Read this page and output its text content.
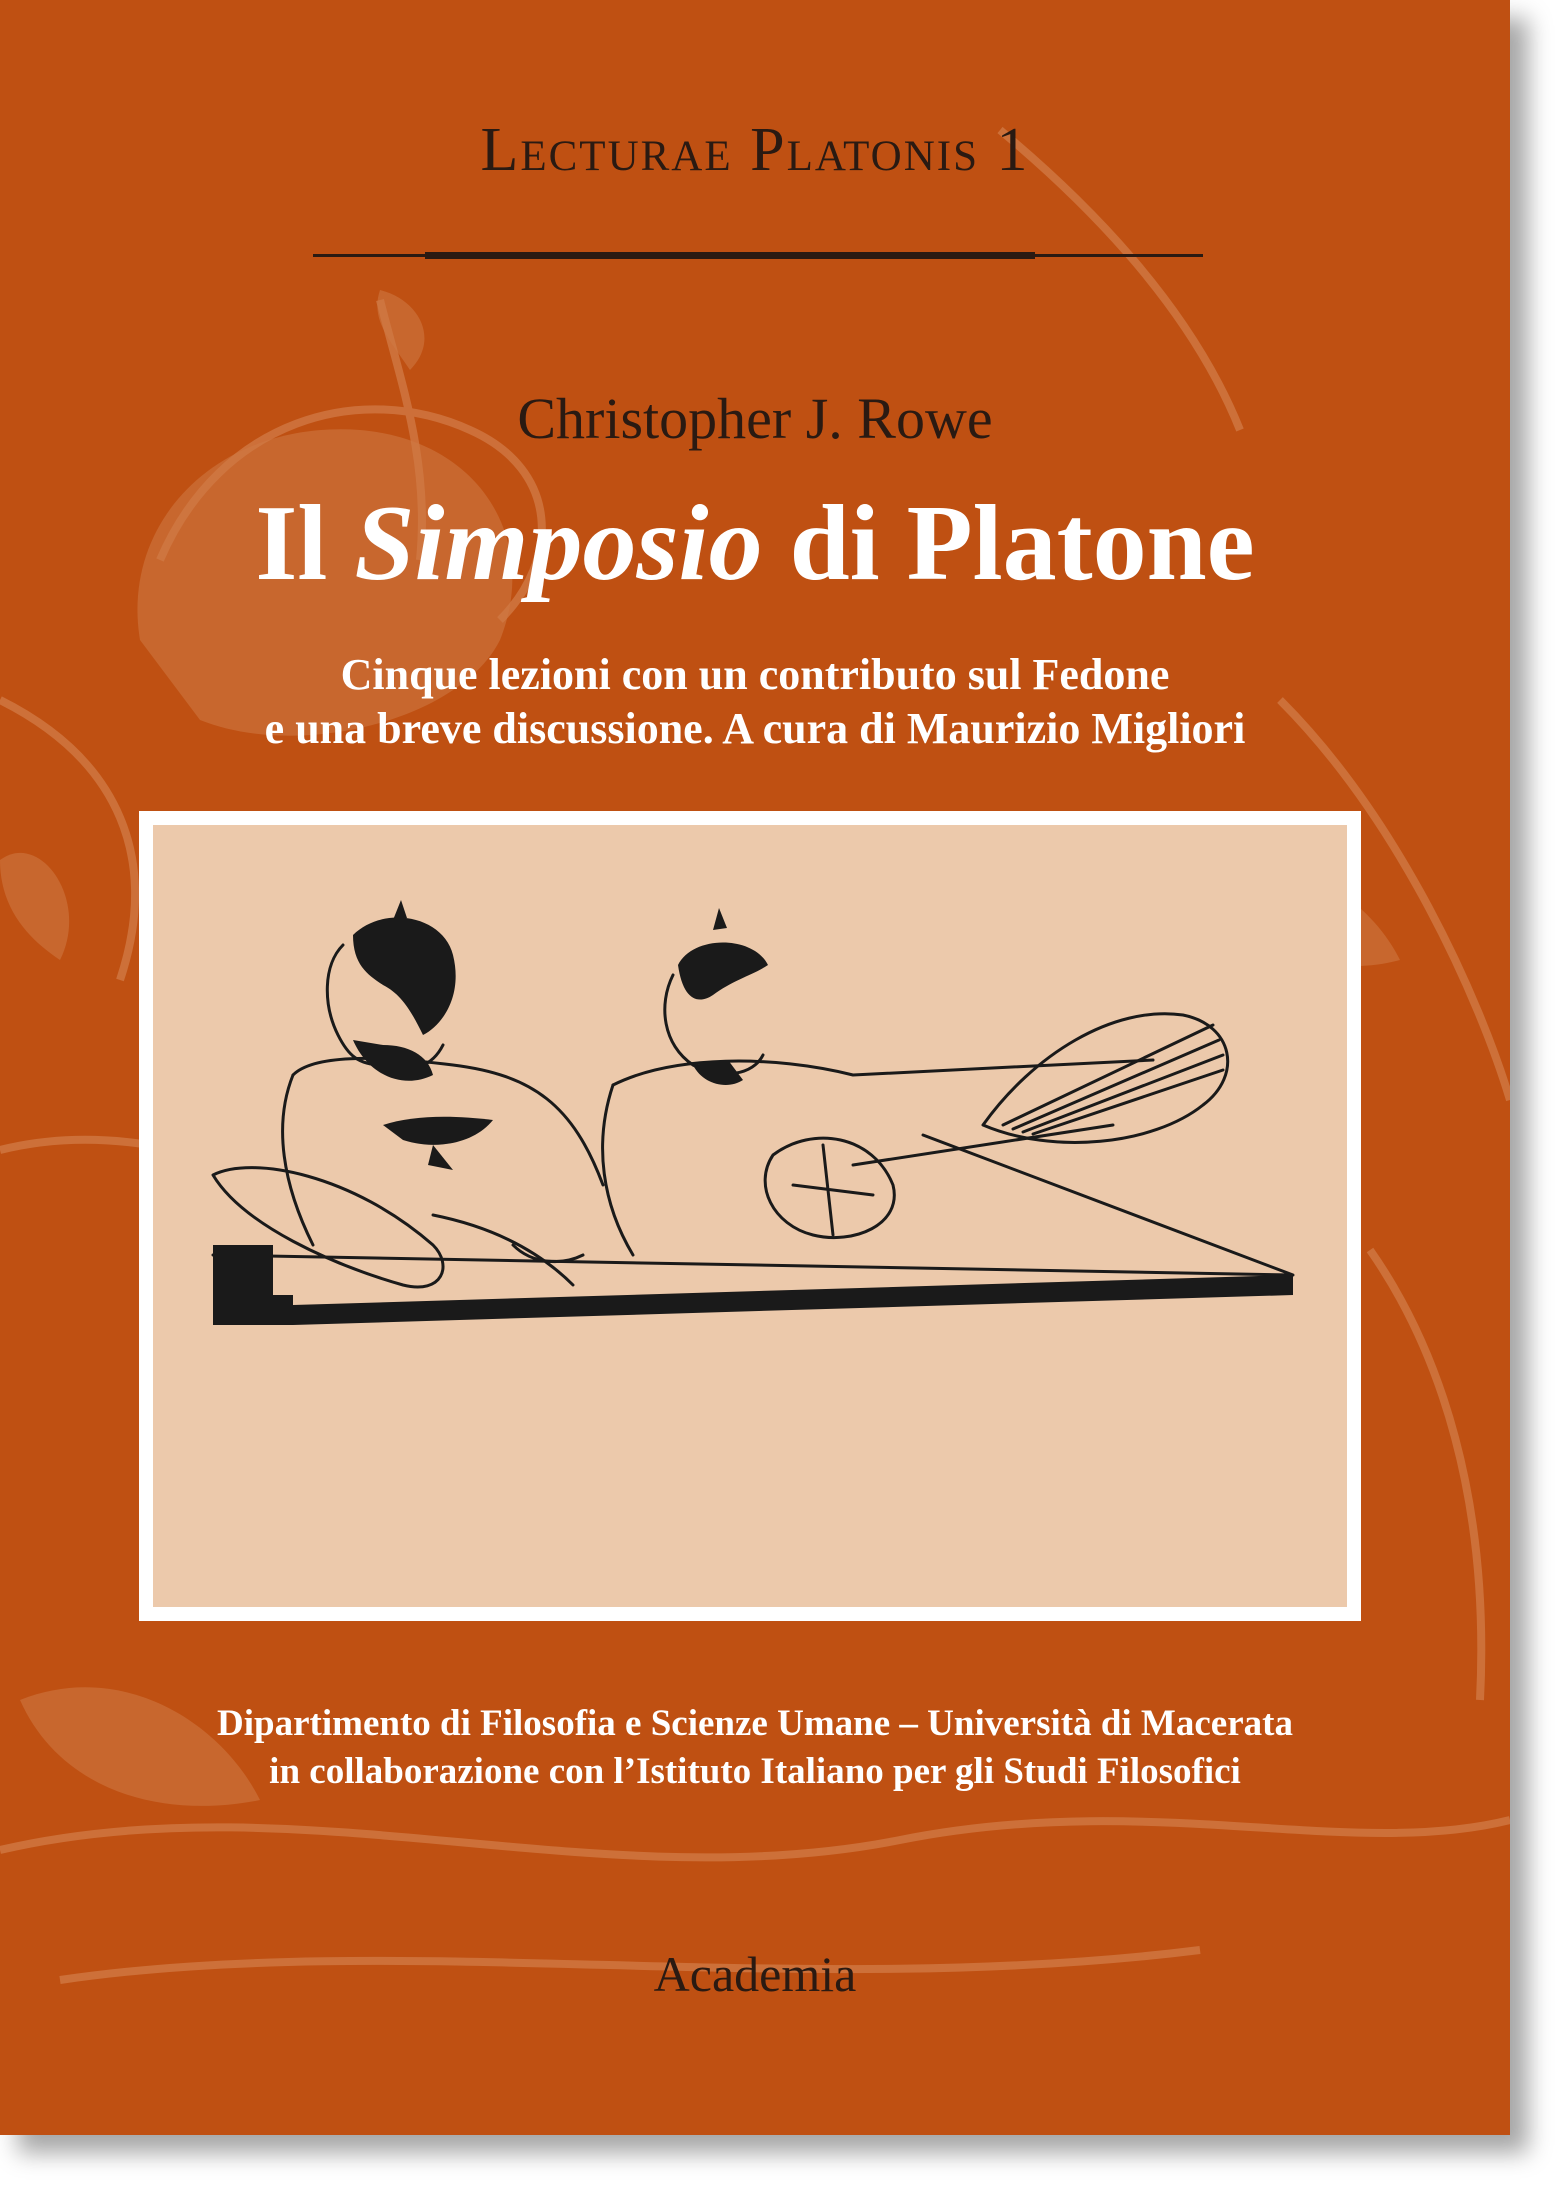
Lecturae Platonis 1
Christopher J. Rowe
Il Simposio di Platone
Cinque lezioni con un contributo sul Fedone
e una breve discussione. A cura di Maurizio Migliori
Dipartimento di Filosofia e Scienze Umane – Università di Macerata
in collaborazione con l’Istituto Italiano per gli Studi Filosofici
Academia
